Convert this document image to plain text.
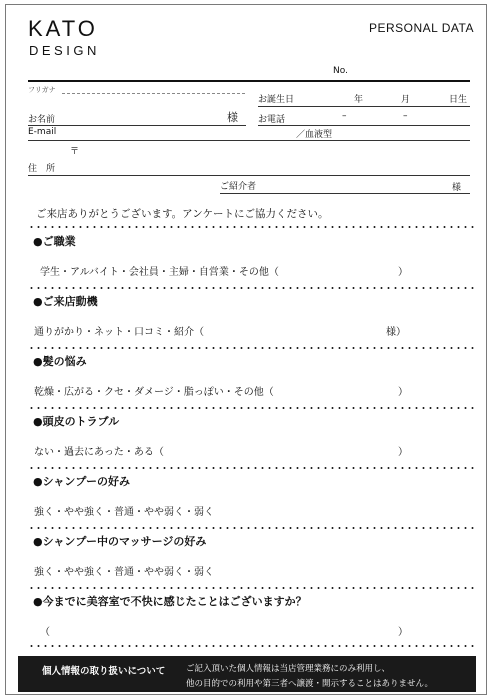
KATO
DESIGN
PERSONAL DATA
No.
フリガナ
お名前	様
お誕生日	年	月	日生
お電話	–	–
E-mail	／血液型
〒
住　所
ご紹介者	様
ご来店ありがとうございます。アンケートにご協力ください。
●ご職業
学生・アルバイト・会社員・主婦・自営業・その他（	）
●ご来店動機
通りがかり・ネット・口コミ・紹介（	様）
●髪の悩み
乾燥・広がる・クセ・ダメージ・脂っぽい・その他（	）
●頭皮のトラブル
ない・過去にあった・ある（	）
●シャンプーの好み
強く・やや強く・普通・やや弱く・弱く
●シャンプー中のマッサージの好み
強く・やや強く・普通・やや弱く・弱く
●今までに美容室で不快に感じたことはございますか？
（	）
個人情報の取り扱いについて ご記入頂いた個人情報は当店管理業務にのみ利用し、
他の目的での利用や第三者へ譲渡・開示することはありません。
